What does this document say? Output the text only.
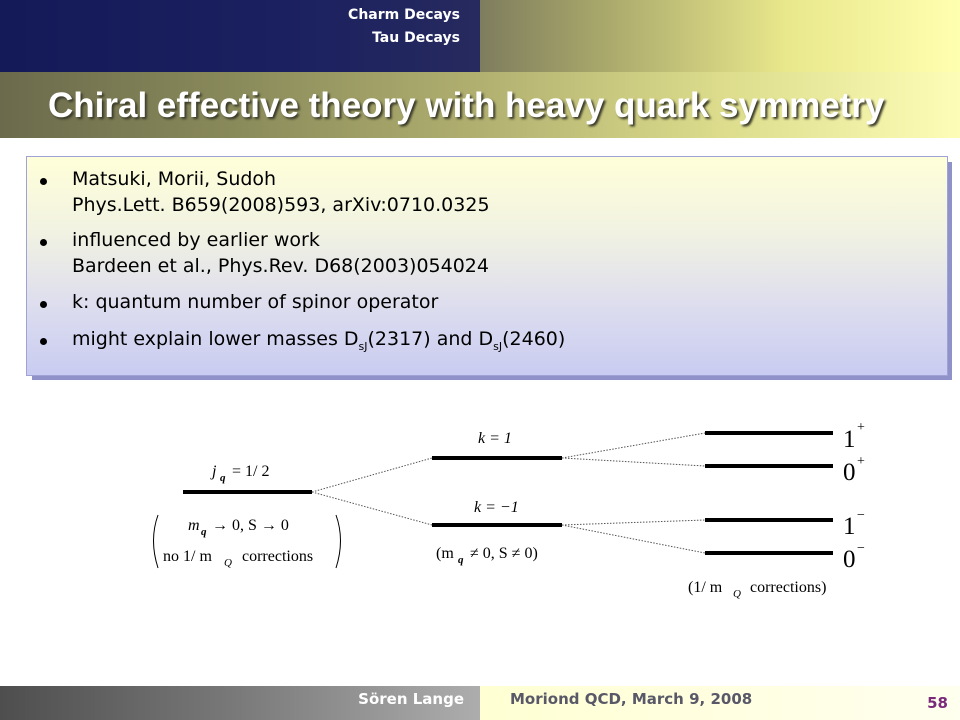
Charm Decays
Tau Decays
Chiral effective theory with heavy quark symmetry
Matsuki, Morii, Sudoh
Phys.Lett. B659(2008)593, arXiv:0710.0325
influenced by earlier work
Bardeen et al., Phys.Rev. D68(2003)054024
k: quantum number of spinor operator
might explain lower masses $D_{sJ}(2317)$ and $D_{sJ}(2460)$
j q = 1/ 2
m q → 0, S → 0
no 1/ m Q corrections
k = 1
k = −1
(m q ≠ 0, S ≠ 0)
1 +
0 +
1 −
0 −
(1/ m Q corrections)
Sören Lange	Moriond QCD, March 9, 2008	58
